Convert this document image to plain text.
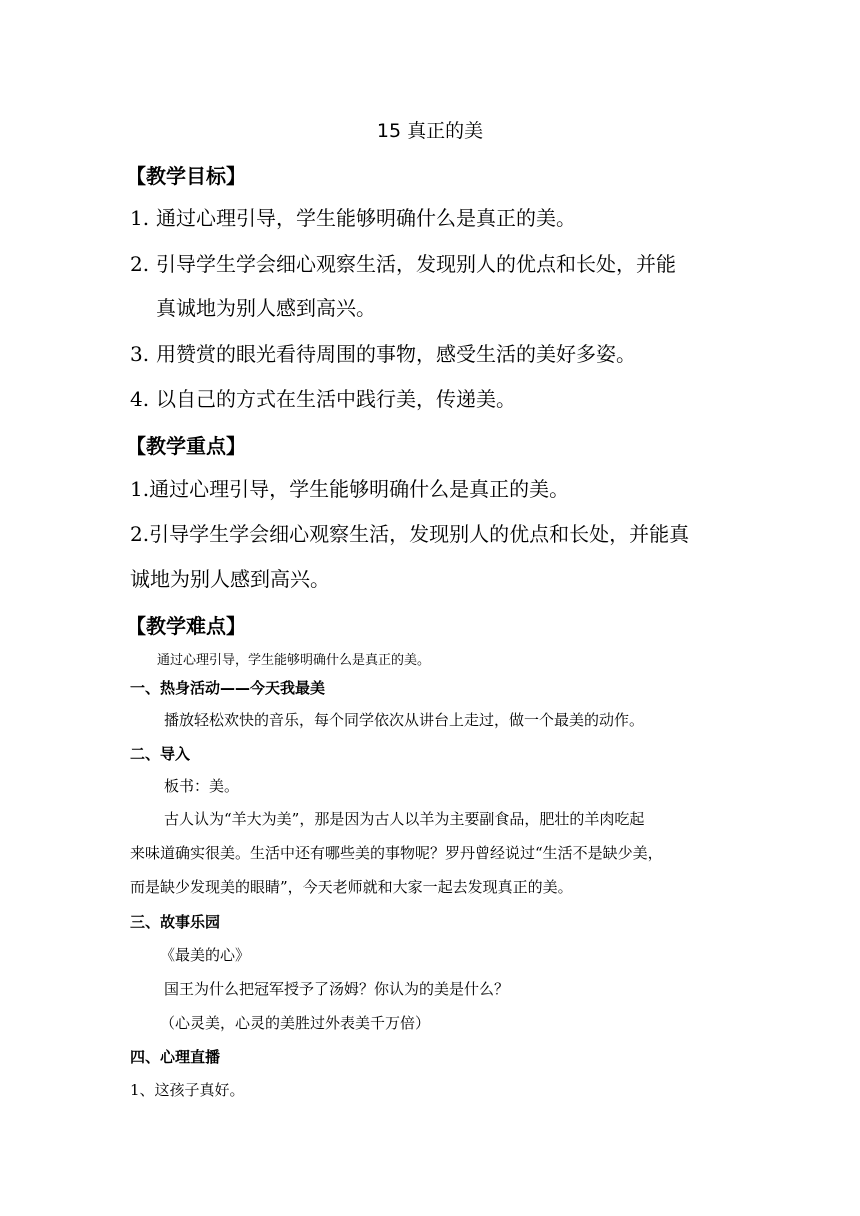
15 真正的美
【教学目标】
1. 通过心理引导，学生能够明确什么是真正的美。
2. 引导学生学会细心观察生活，发现别人的优点和长处，并能
真诚地为别人感到高兴。
3. 用赞赏的眼光看待周围的事物，感受生活的美好多姿。
4. 以自己的方式在生活中践行美，传递美。
【教学重点】
1.通过心理引导，学生能够明确什么是真正的美。
2.引导学生学会细心观察生活，发现别人的优点和长处，并能真
诚地为别人感到高兴。
【教学难点】
通过心理引导，学生能够明确什么是真正的美。
一、热身活动——今天我最美
播放轻松欢快的音乐，每个同学依次从讲台上走过，做一个最美的动作。
二、导入
板书：美。
古人认为“羊大为美”，那是因为古人以羊为主要副食品，肥壮的羊肉吃起
来味道确实很美。生活中还有哪些美的事物呢？罗丹曾经说过“生活不是缺少美，
而是缺少发现美的眼睛”，今天老师就和大家一起去发现真正的美。
三、故事乐园
《最美的心》
国王为什么把冠军授予了汤姆？你认为的美是什么？
（心灵美，心灵的美胜过外表美千万倍）
四、心理直播
1、这孩子真好。
